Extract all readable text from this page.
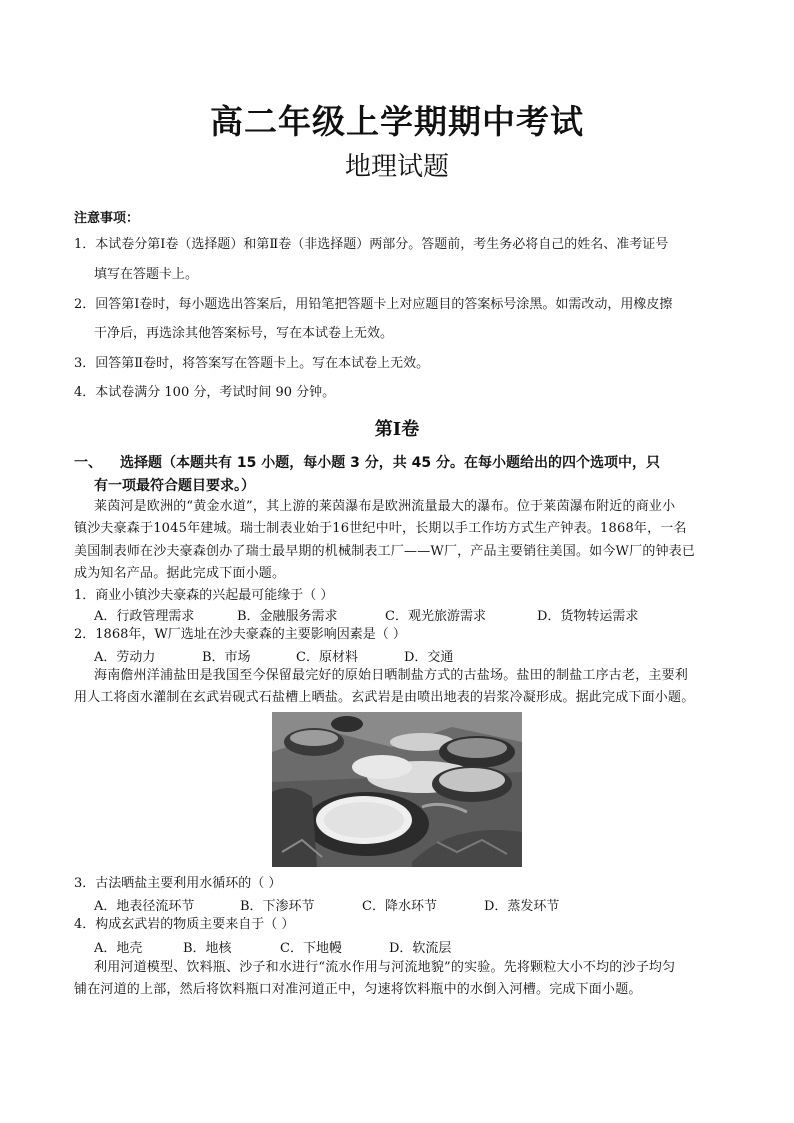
高二年级上学期期中考试
地理试题
注意事项：
1．本试卷分第Ⅰ卷（选择题）和第Ⅱ卷（非选择题）两部分。答题前，考生务必将自己的姓名、准考证号
填写在答题卡上。
2．回答第Ⅰ卷时，每小题选出答案后，用铅笔把答题卡上对应题目的答案标号涂黑。如需改动，用橡皮擦
干净后，再选涂其他答案标号，写在本试卷上无效。
3．回答第Ⅱ卷时，将答案写在答题卡上。写在本试卷上无效。
4．本试卷满分 100 分，考试时间 90 分钟。
第Ⅰ卷
一、 选择题（本题共有 15 小题，每小题 3 分，共 45 分。在每小题给出的四个选项中，只
有一项最符合题目要求。）
莱茵河是欧洲的“黄金水道”，其上游的莱茵瀑布是欧洲流量最大的瀑布。位于莱茵瀑布附近的商业小
镇沙夫豪森于1045年建城。瑞士制表业始于16世纪中叶，长期以手工作坊方式生产钟表。1868年，一名
美国制表师在沙夫豪森创办了瑞士最早期的机械制表工厂——W厂，产品主要销往美国。如今W厂的钟表已
成为知名产品。据此完成下面小题。
1．商业小镇沙夫豪森的兴起最可能缘于（ ）
A．行政管理需求	B．金融服务需求	C．观光旅游需求	D．货物转运需求
2．1868年，W厂选址在沙夫豪森的主要影响因素是（ ）
A．劳动力	B．市场	C．原材料	D．交通
海南儋州洋浦盐田是我国至今保留最完好的原始日晒制盐方式的古盐场。盐田的制盐工序古老，主要利
用人工将卤水灌制在玄武岩砚式石盐槽上晒盐。玄武岩是由喷出地表的岩浆冷凝形成。据此完成下面小题。
3．古法晒盐主要利用水循环的（ ）
A．地表径流环节	B．下渗环节	C．降水环节	D．蒸发环节
4．构成玄武岩的物质主要来自于（ ）
A．地壳	B．地核	C．下地幔	D．软流层
利用河道模型、饮料瓶、沙子和水进行“流水作用与河流地貌”的实验。先将颗粒大小不均的沙子均匀
铺在河道的上部，然后将饮料瓶口对准河道正中，匀速将饮料瓶中的水倒入河槽。完成下面小题。
